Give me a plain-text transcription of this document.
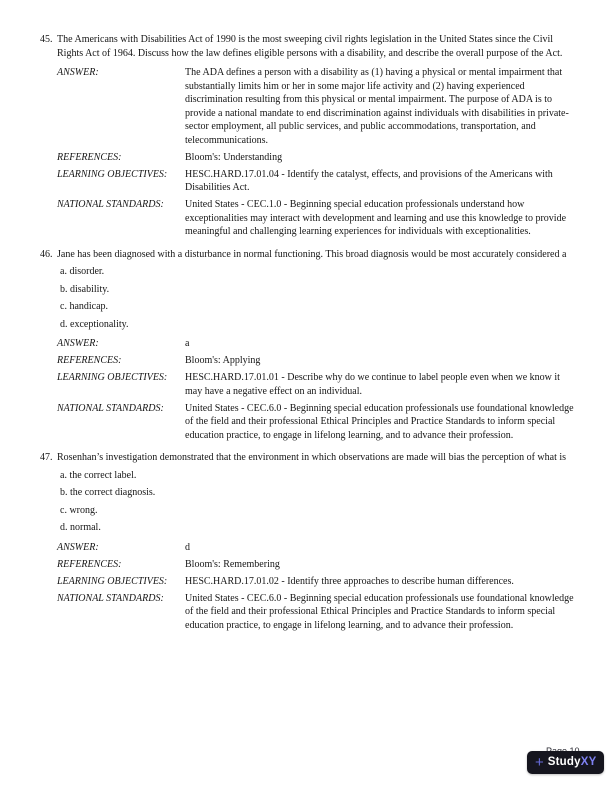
45. The Americans with Disabilities Act of 1990 is the most sweeping civil rights legislation in the United States since the Civil Rights Act of 1964. Discuss how the law defines eligible persons with a disability, and describe the overall purpose of the Act.

ANSWER:	The ADA defines a person with a disability as (1) having a physical or mental impairment that substantially limits him or her in some major life activity and (2) having experienced discrimination resulting from this physical or mental impairment. The purpose of ADA is to provide a national mandate to end discrimination against individuals with disabilities in private-sector employment, all public services, and public accommodations, transportation, and telecommunications.
REFERENCES:	Bloom's: Understanding
LEARNING OBJECTIVES:	HESC.HARD.17.01.04 - Identify the catalyst, effects, and provisions of the Americans with Disabilities Act.
NATIONAL STANDARDS:	United States - CEC.1.0 - Beginning special education professionals understand how exceptionalities may interact with development and learning and use this knowledge to provide meaningful and challenging learning experiences for individuals with exceptionalities.
46. Jane has been diagnosed with a disturbance in normal functioning. This broad diagnosis would be most accurately considered a

a. disorder.
b. disability.
c. handicap.
d. exceptionality.
ANSWER:	a
REFERENCES:	Bloom's: Applying
LEARNING OBJECTIVES:	HESC.HARD.17.01.01 - Describe why do we continue to label people even when we know it may have a negative effect on an individual.
NATIONAL STANDARDS:	United States - CEC.6.0 - Beginning special education professionals use foundational knowledge of the field and their professional Ethical Principles and Practice Standards to inform special education practice, to engage in lifelong learning, and to advance their profession.
47. Rosenhan’s investigation demonstrated that the environment in which observations are made will bias the perception of what is

a. the correct label.
b. the correct diagnosis.
c. wrong.
d. normal.
ANSWER:	d
REFERENCES:	Bloom's: Remembering
LEARNING OBJECTIVES:	HESC.HARD.17.01.02 - Identify three approaches to describe human differences.
NATIONAL STANDARDS:	United States - CEC.6.0 - Beginning special education professionals use foundational knowledge of the field and their professional Ethical Principles and Practice Standards to inform special education practice, to engage in lifelong learning, and to advance their profession.
+ StudyXY
